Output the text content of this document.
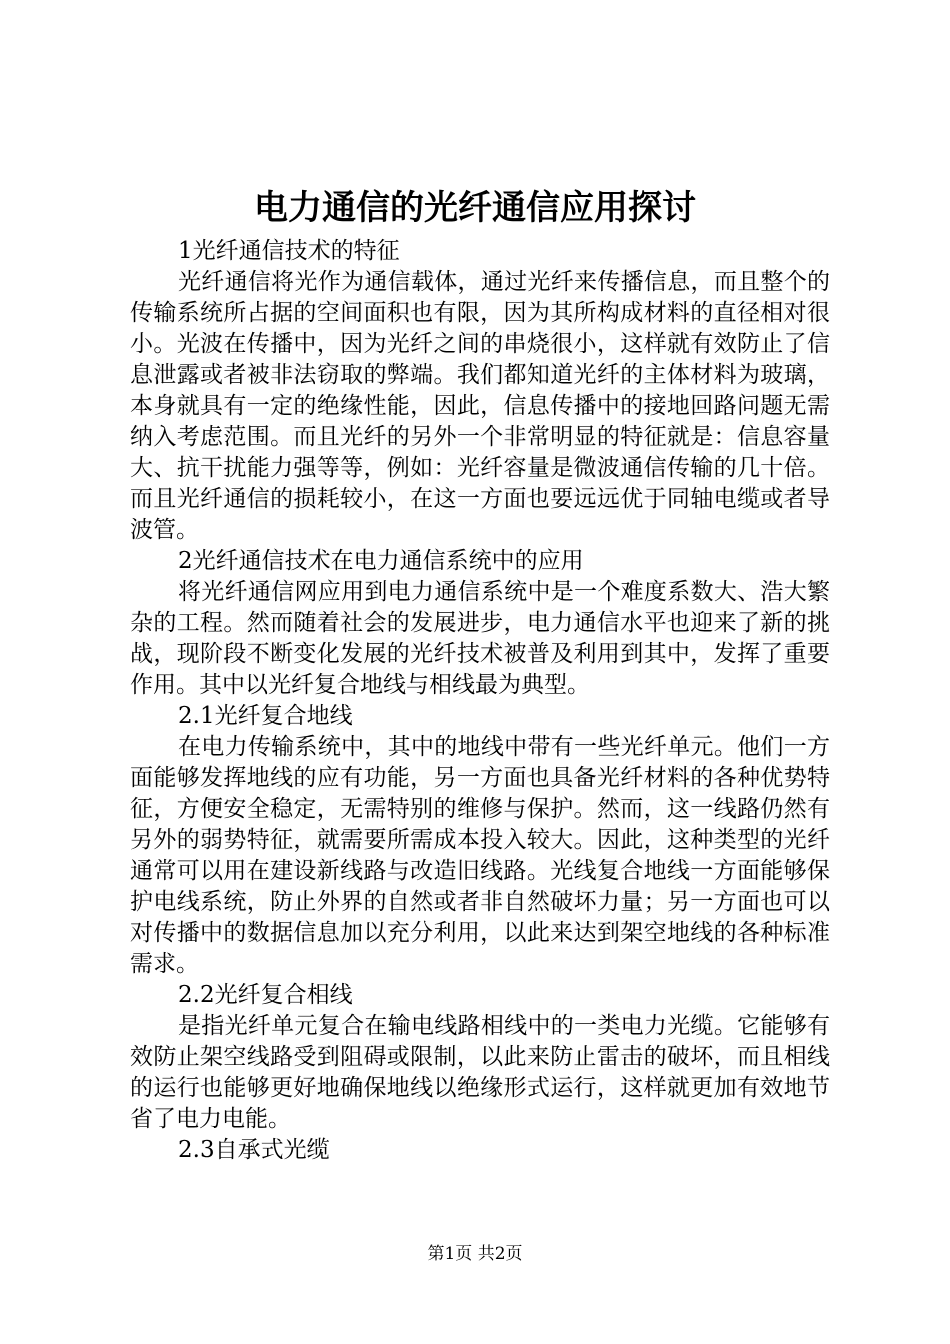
电力通信的光纤通信应用探讨

1光纤通信技术的特征

光纤通信将光作为通信载体，通过光纤来传播信息，而且整个的传输系统所占据的空间面积也有限，因为其所构成材料的直径相对很小。光波在传播中，因为光纤之间的串烧很小，这样就有效防止了信息泄露或者被非法窃取的弊端。我们都知道光纤的主体材料为玻璃，本身就具有一定的绝缘性能，因此，信息传播中的接地回路问题无需纳入考虑范围。而且光纤的另外一个非常明显的特征就是：信息容量大、抗干扰能力强等等，例如：光纤容量是微波通信传输的几十倍。而且光纤通信的损耗较小，在这一方面也要远远优于同轴电缆或者导波管。

2光纤通信技术在电力通信系统中的应用

将光纤通信网应用到电力通信系统中是一个难度系数大、浩大繁杂的工程。然而随着社会的发展进步，电力通信水平也迎来了新的挑战，现阶段不断变化发展的光纤技术被普及利用到其中，发挥了重要作用。其中以光纤复合地线与相线最为典型。

2.1光纤复合地线

在电力传输系统中，其中的地线中带有一些光纤单元。他们一方面能够发挥地线的应有功能，另一方面也具备光纤材料的各种优势特征，方便安全稳定，无需特别的维修与保护。然而，这一线路仍然有另外的弱势特征，就需要所需成本投入较大。因此，这种类型的光纤通常可以用在建设新线路与改造旧线路。光线复合地线一方面能够保护电线系统，防止外界的自然或者非自然破坏力量；另一方面也可以对传播中的数据信息加以充分利用，以此来达到架空地线的各种标准需求。

2.2光纤复合相线

是指光纤单元复合在输电线路相线中的一类电力光缆。它能够有效防止架空线路受到阻碍或限制，以此来防止雷击的破坏，而且相线的运行也能够更好地确保地线以绝缘形式运行，这样就更加有效地节省了电力电能。

2.3自承式光缆

第1页 共2页
